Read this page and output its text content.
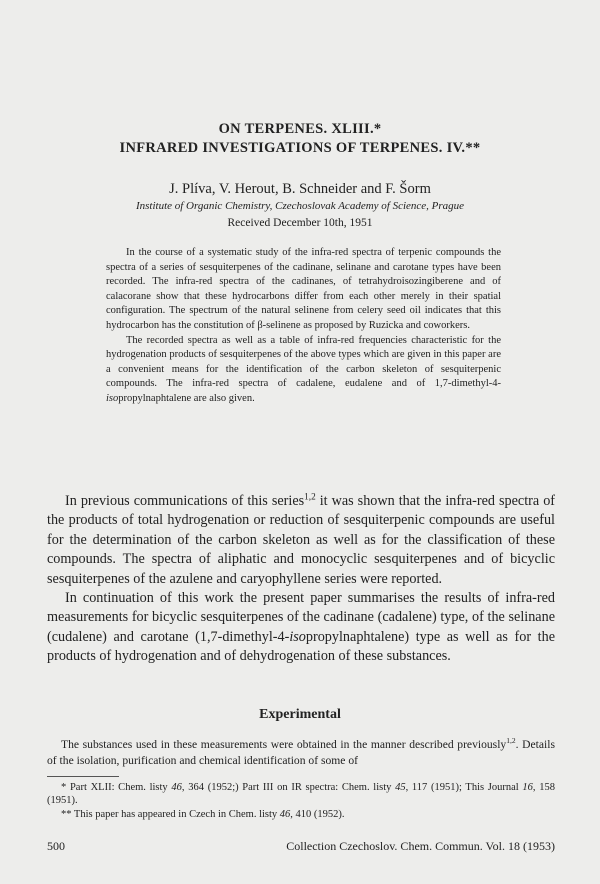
ON TERPENES. XLIII.*
INFRARED INVESTIGATIONS OF TERPENES. IV.**
J. Plíva, V. Herout, B. Schneider and F. Šorm
Institute of Organic Chemistry, Czechoslovak Academy of Science, Prague
Received December 10th, 1951

In the course of a systematic study of the infra-red spectra of terpenic compounds the spectra of a series of sesquiterpenes of the cadinane, selinane and carotane types have been recorded. The infra-red spectra of the cadinanes, of tetrahydroisozingiberene and of calacorane show that these hydrocarbons differ from each other merely in their spatial configuration. The spectrum of the natural selinene from celery seed oil indicates that this hydrocarbon has the constitution of β-selinene as proposed by Ruzicka and coworkers.

The recorded spectra as well as a table of infra-red frequencies characteristic for the hydrogenation products of sesquiterpenes of the above types which are given in this paper are a convenient means for the identification of the carbon skeleton of sesquiterpenic compounds. The infra-red spectra of cadalene, eudalene and of 1,7-dimethyl-4-isopropylnaphtalene are also given.

In previous communications of this series$^{1,2}$ it was shown that the infra-red spectra of the products of total hydrogenation or reduction of sesquiterpenic compounds are useful for the determination of the carbon skeleton as well as for the classification of these compounds. The spectra of aliphatic and monocyclic sesquiterpenes and of bicyclic sesquiterpenes of the azulene and caryophyllene series were reported.

In continuation of this work the present paper summarises the results of infra-red measurements for bicyclic sesquiterpenes of the cadinane (cadalene) type, of the selinane (cudalene) and carotane (1,7-dimethyl-4-isopropylnaphtalene) type as well as for the products of hydrogenation and of dehydrogenation of these substances.

Experimental

The substances used in these measurements were obtained in the manner described previously$^{1,2}$. Details of the isolation, purification and chemical identification of some of

* Part XLII: Chem. listy 46, 364 (1952;) Part III on IR spectra: Chem. listy 45, 117 (1951); This Journal 16, 158 (1951).

** This paper has appeared in Czech in Chem. listy 46, 410 (1952).

500	Collection Czechoslov. Chem. Commun. Vol. 18 (1953)
